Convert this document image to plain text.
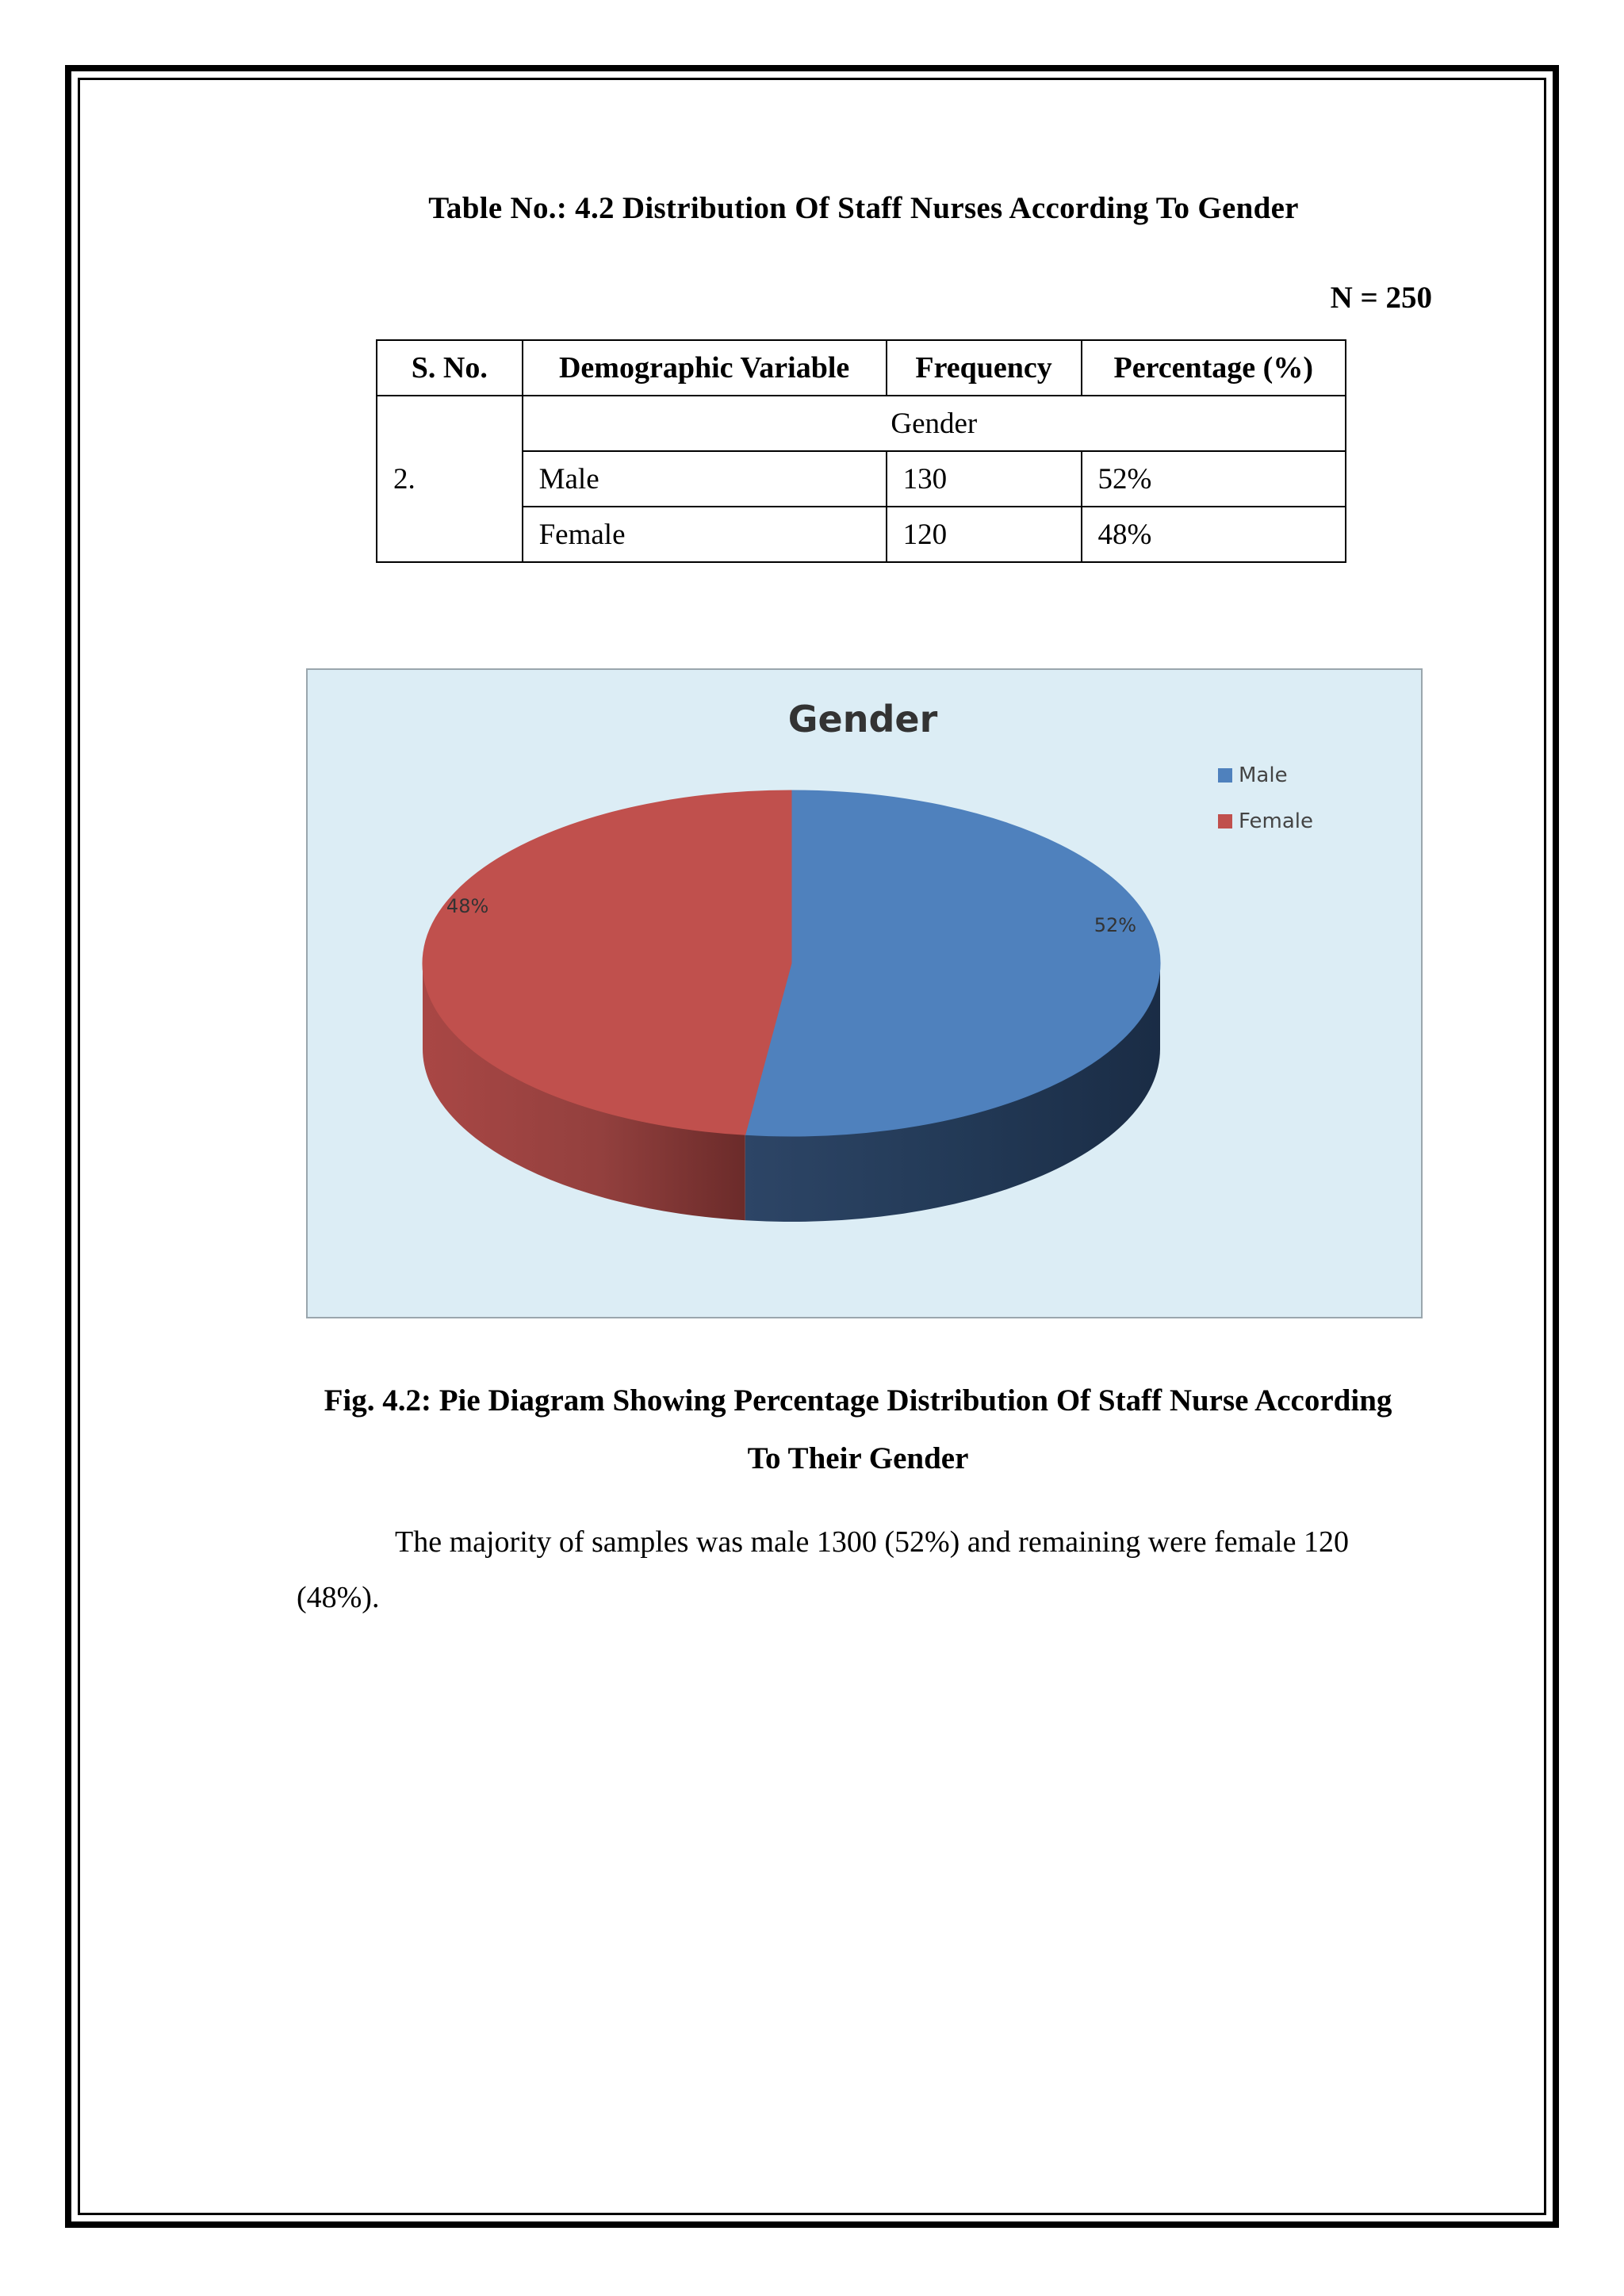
Table No.: 4.2 Distribution Of Staff Nurses According To Gender
N = 250
S. No.	Demographic Variable	Frequency	Percentage (%)
2.	Gender		
	Male	130	52%
	Female	120	48%
Gender
52%
48%
Male
Female
Fig. 4.2: Pie Diagram Showing Percentage Distribution Of Staff Nurse According
To Their Gender
The majority of samples was male 1300 (52%) and remaining were female 120 (48%).
